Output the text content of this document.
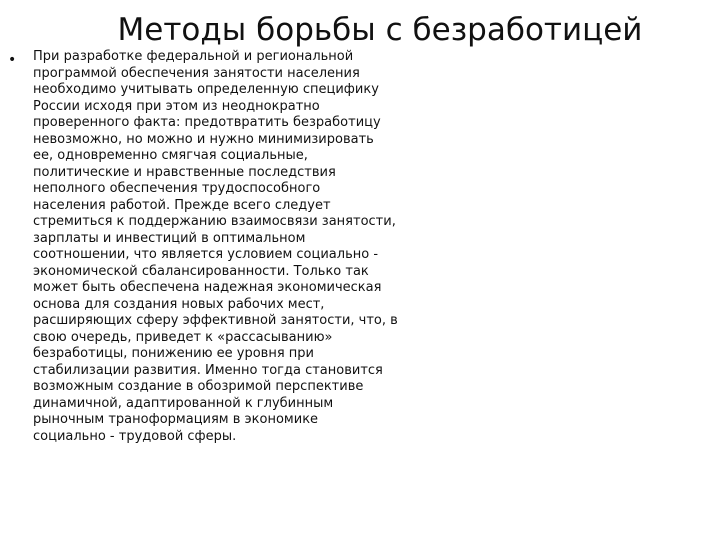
Методы борьбы с безработицей
• При разработке федеральной и региональной
программой обеспечения занятости населения
необходимо учитывать определенную специфику
России исходя при этом из неоднократно
проверенного факта: предотвратить безработицу
невозможно, но можно и нужно минимизировать
ее, одновременно смягчая социальные,
политические и нравственные последствия
неполного обеспечения трудоспособного
населения работой. Прежде всего следует
стремиться к поддержанию взаимосвязи занятости,
зарплаты и инвестиций в оптимальном
соотношении, что является условием социально -
экономической сбалансированности. Только так
может быть обеспечена надежная экономическая
основа для создания новых рабочих мест,
расширяющих сферу эффективной занятости, что, в
свою очередь, приведет к «рассасыванию»
безработицы, понижению ее уровня при
стабилизации развития. Именно тогда становится
возможным создание в обозримой перспективе
динамичной, адаптированной к глубинным
рыночным траноформациям в экономике
социально - трудовой сферы.
